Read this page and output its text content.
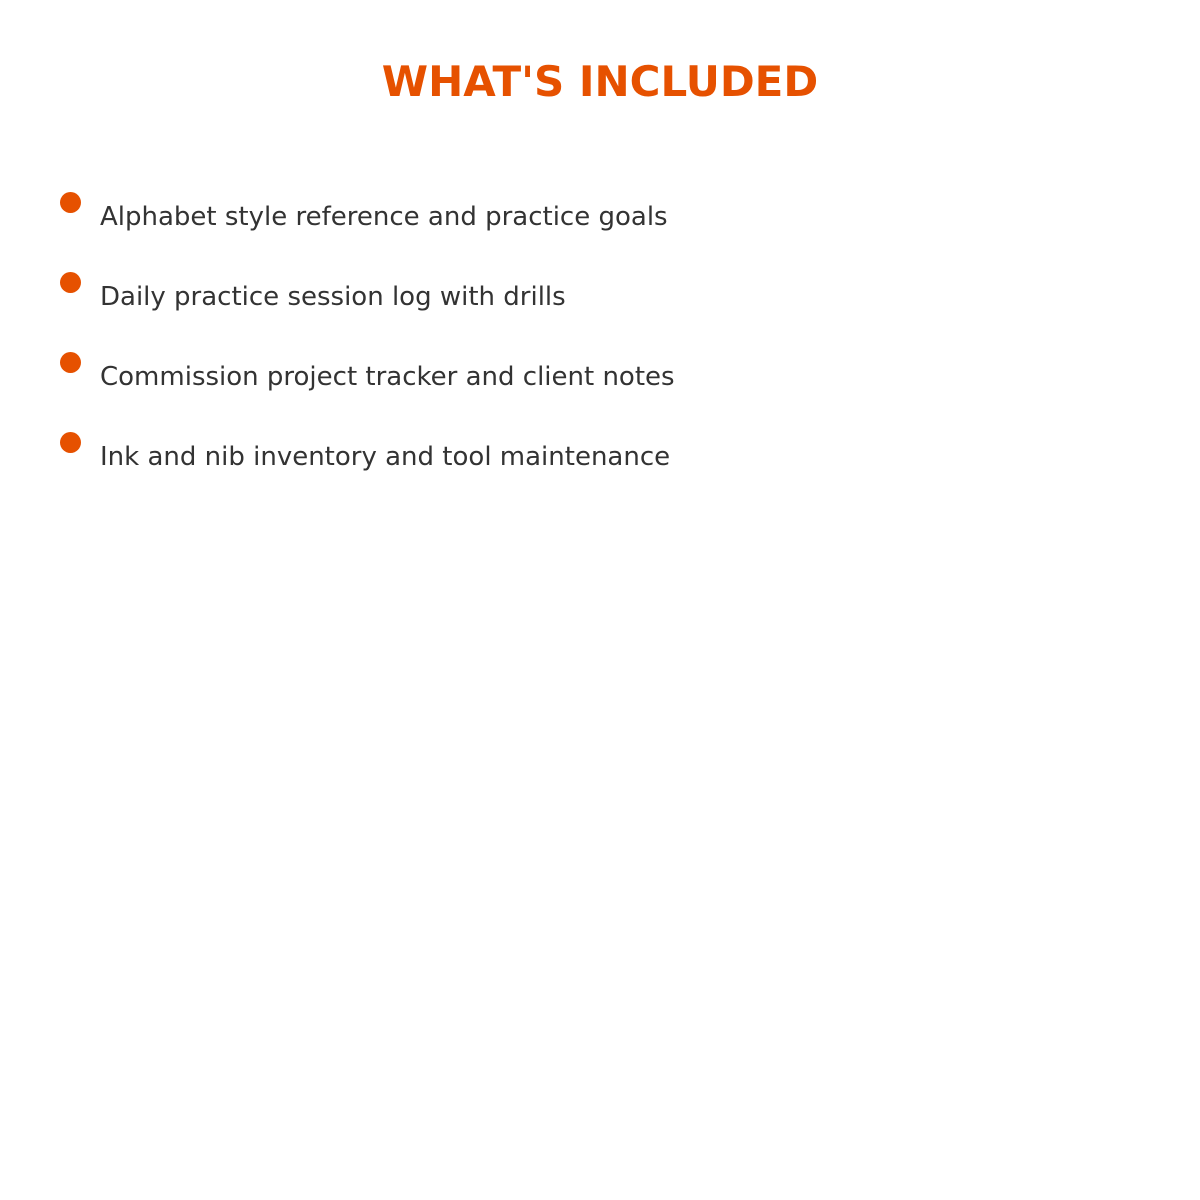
WHAT'S INCLUDED
Alphabet style reference and practice goals
Daily practice session log with drills
Commission project tracker and client notes
Ink and nib inventory and tool maintenance
